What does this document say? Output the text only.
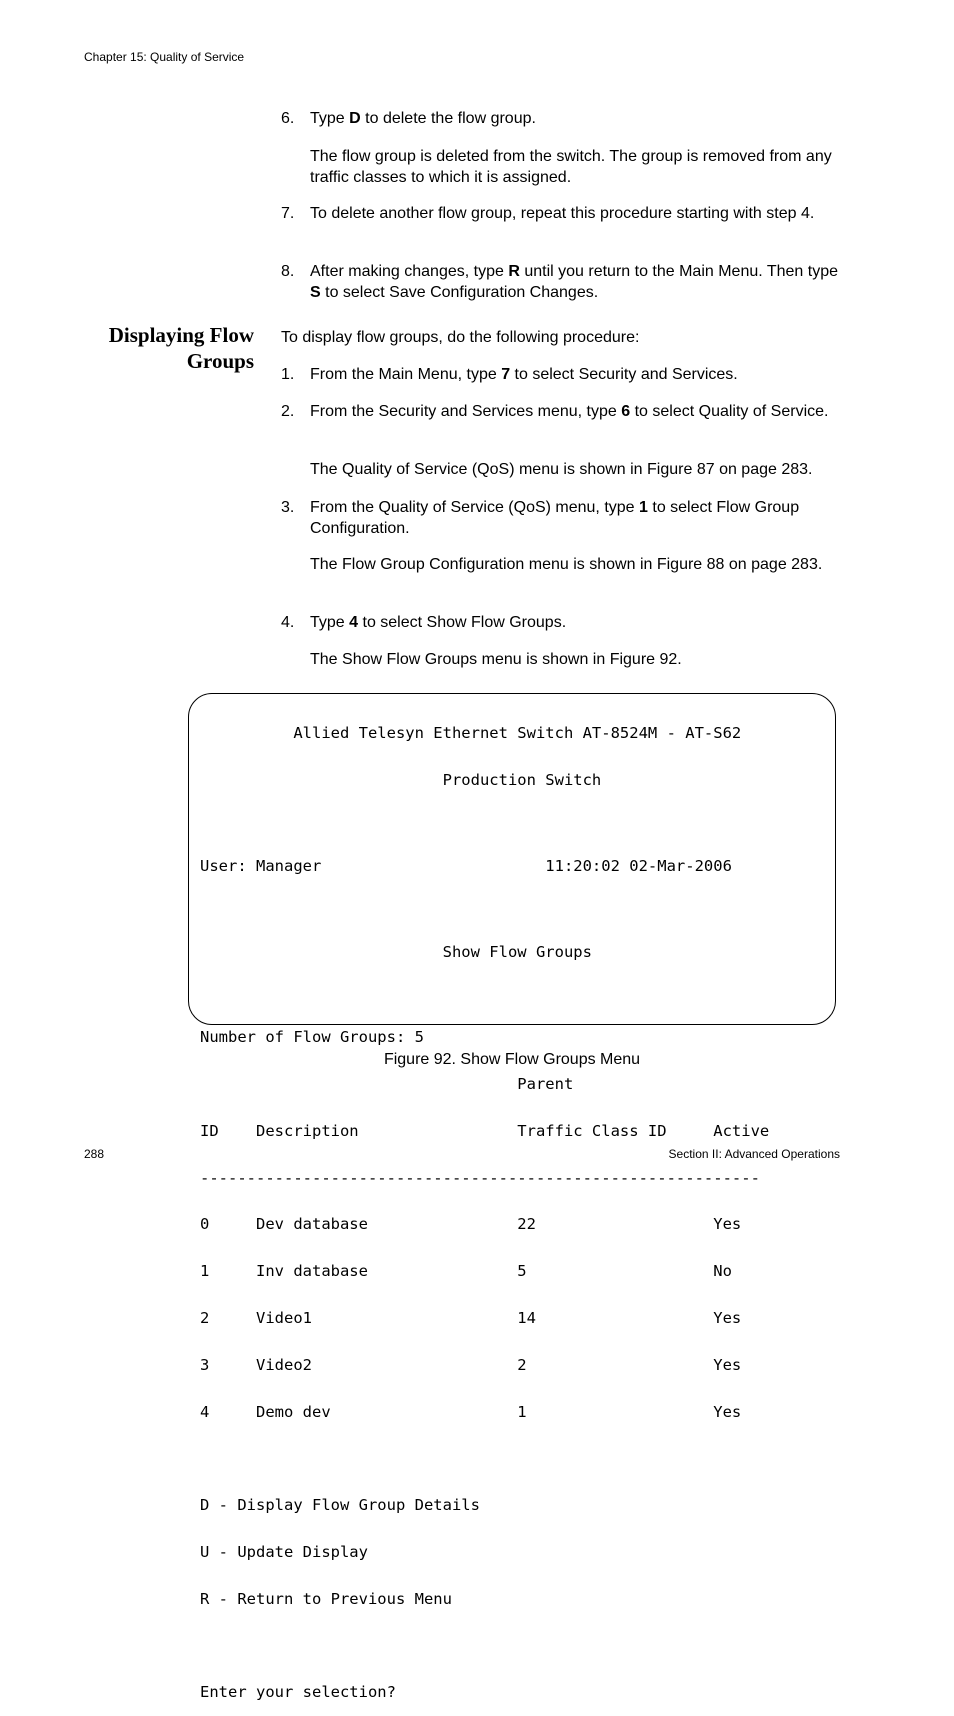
Chapter 15: Quality of Service
6. Type D to delete the flow group.
The flow group is deleted from the switch. The group is removed from any traffic classes to which it is assigned.
7. To delete another flow group, repeat this procedure starting with step 4.
8. After making changes, type R until you return to the Main Menu. Then type S to select Save Configuration Changes.
Displaying Flow
Groups
To display flow groups, do the following procedure:
1. From the Main Menu, type 7 to select Security and Services.
2. From the Security and Services menu, type 6 to select Quality of Service.
The Quality of Service (QoS) menu is shown in Figure 87 on page 283.
3. From the Quality of Service (QoS) menu, type 1 to select Flow Group Configuration.
The Flow Group Configuration menu is shown in Figure 88 on page 283.
4. Type 4 to select Show Flow Groups.
The Show Flow Groups menu is shown in Figure 92.

Allied Telesyn Ethernet Switch AT-8524M - AT-S62

Production Switch

User: Manager                        11:20:02 02-Mar-2006

Show Flow Groups

Number of Flow Groups: 5

Parent

ID    Description                 Traffic Class ID     Active

------------------------------------------------------------

0     Dev database                22                   Yes

1     Inv database                5                    No

2     Video1                      14                   Yes

3     Video2                      2                    Yes

4     Demo dev                    1                    Yes

D - Display Flow Group Details

U - Update Display

R - Return to Previous Menu

Enter your selection?

Figure 92. Show Flow Groups Menu
288	Section II: Advanced Operations
